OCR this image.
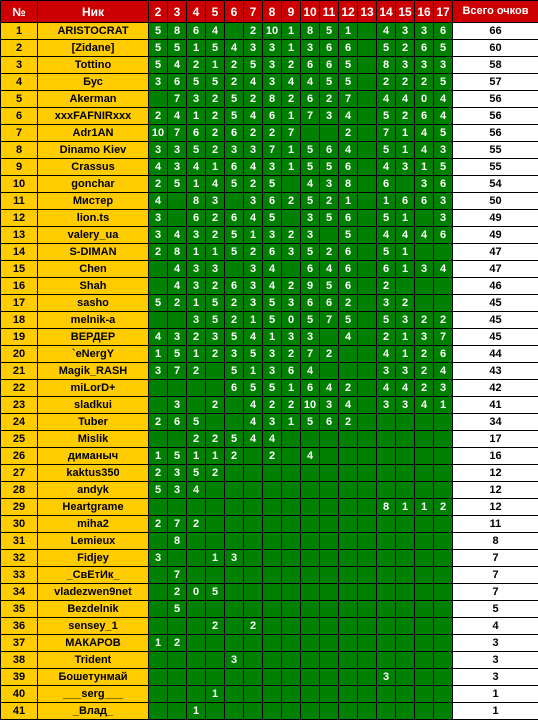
№	Ник	2	3	4	5	6	7	8	9	10	11	12	13	14	15	16	17	Всего очков
1	ARISTOCRAT	5	8	6	4		2	10	1	8	5	1		4	3	3	6	66
2	[Zidane]	5	5	1	5	4	3	3	1	3	6	6		5	2	6	5	60
3	Tottino	5	4	2	1	2	5	3	2	6	6	5		8	3	3	3	58
4	Бус	3	6	5	5	2	4	3	4	4	5	5		2	2	2	5	57
5	Akerman		7	3	2	5	2	8	2	6	2	7		4	4	0	4	56
6	xxxFAFNIRxxx	2	4	1	2	5	4	6	1	7	3	4		5	2	6	4	56
7	Adr1AN	10	7	6	2	6	2	2	7			2		7	1	4	5	56
8	Dinamo Kiev	3	3	5	2	3	3	7	1	5	6	4		5	1	4	3	55
9	Crassus	4	3	4	1	6	4	3	1	5	5	6		4	3	1	5	55
10	gonchar	2	5	1	4	5	2	5		4	3	8		6		3	6	54
11	Мистер	4		8	3		3	6	2	5	2	1		1	6	6	3	50
12	lion.ts	3		6	2	6	4	5		3	5	6		5	1		3	49
13	valery_ua	3	4	3	2	5	1	3	2	3		5		4	4	4	6	49
14	S-DIMAN	2	8	1	1	5	2	6	3	5	2	6		5	1			47
15	Chen		4	3	3		3	4		6	4	6		6	1	3	4	47
16	Shah		4	3	2	6	3	4	2	9	5	6		2				46
17	sasho	5	2	1	5	2	3	5	3	6	6	2		3	2			45
18	melnik-a			3	5	2	1	5	0	5	7	5		5	3	2	2	45
19	ВЕРДЕР	4	3	2	3	5	4	1	3	3		4		2	1	3	7	45
20	`eNergY	1	5	1	2	3	5	3	2	7	2			4	1	2	6	44
21	Magik_RASH	3	7	2		5	1	3	6	4				3	3	2	4	43
22	miLorD+					6	5	5	1	6	4	2		4	4	2	3	42
23	sladkui		3		2		4	2	2	10	3	4		3	3	4	1	41
24	Tuber	2	6	5			4	3	1	5	6	2						34
25	Mislik			2	2	5	4	4										17
26	диманыч	1	5	1	1	2		2		4								16
27	kaktus350	2	3	5	2													12
28	andyk	5	3	4														12
29	Heartgrame													8	1	1	2	12
30	miha2	2	7	2														11
31	Lemieux		8															8
32	Fidjey	3			1	3												7
33	_СвЕтИк_		7															7
34	vladezwen9net		2	0	5													7
35	Bezdelnik		5															5
36	sensey_1				2		2											4
37	МАКАРОВ	1	2															3
38	Trident					3												3
39	Бошетунмай													3				3
40	___serg___				1													1
41	_Влад_			1														1
